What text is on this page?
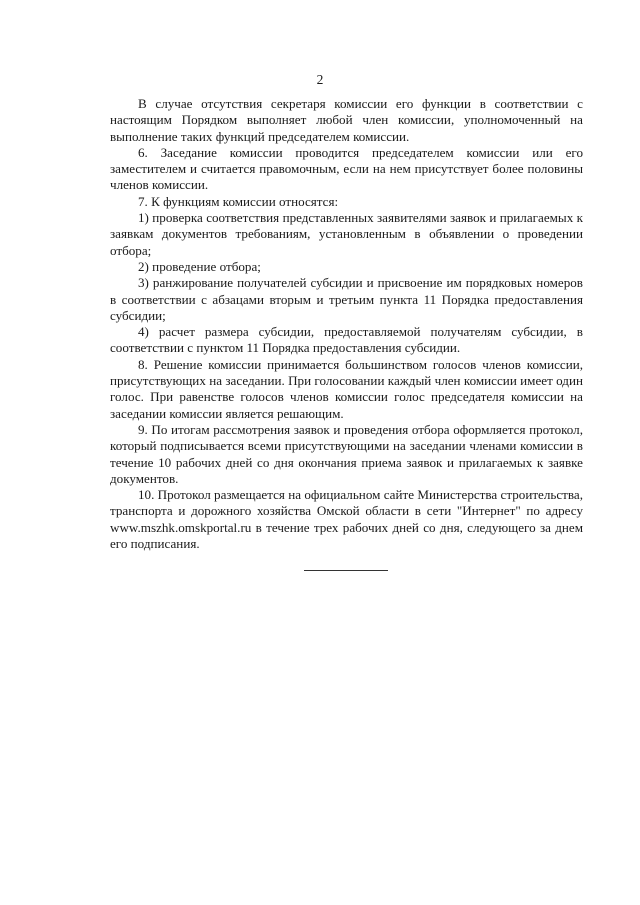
2

В случае отсутствия секретаря комиссии его функции в соответствии с настоящим Порядком выполняет любой член комиссии, уполномоченный на выполнение таких функций председателем комиссии.

6. Заседание комиссии проводится председателем комиссии или его заместителем и считается правомочным, если на нем присутствует более половины членов комиссии.

7. К функциям комиссии относятся:

1) проверка соответствия представленных заявителями заявок и прилагаемых к заявкам документов требованиям, установленным в объявлении о проведении отбора;

2) проведение отбора;

3) ранжирование получателей субсидии и присвоение им порядковых номеров в соответствии с абзацами вторым и третьим пункта 11 Порядка предоставления субсидии;

4) расчет размера субсидии, предоставляемой получателям субсидии, в соответствии с пунктом 11 Порядка предоставления субсидии.

8. Решение комиссии принимается большинством голосов членов комиссии, присутствующих на заседании. При голосовании каждый член комиссии имеет один голос. При равенстве голосов членов комиссии голос председателя комиссии на заседании комиссии является решающим.

9. По итогам рассмотрения заявок и проведения отбора оформляется протокол, который подписывается всеми присутствующими на заседании членами комиссии в течение 10 рабочих дней со дня окончания приема заявок и прилагаемых к заявке документов.

10. Протокол размещается на официальном сайте Министерства строительства, транспорта и дорожного хозяйства Омской области в сети "Интернет" по адресу www.mszhk.omskportal.ru в течение трех рабочих дней со дня, следующего за днем его подписания.
